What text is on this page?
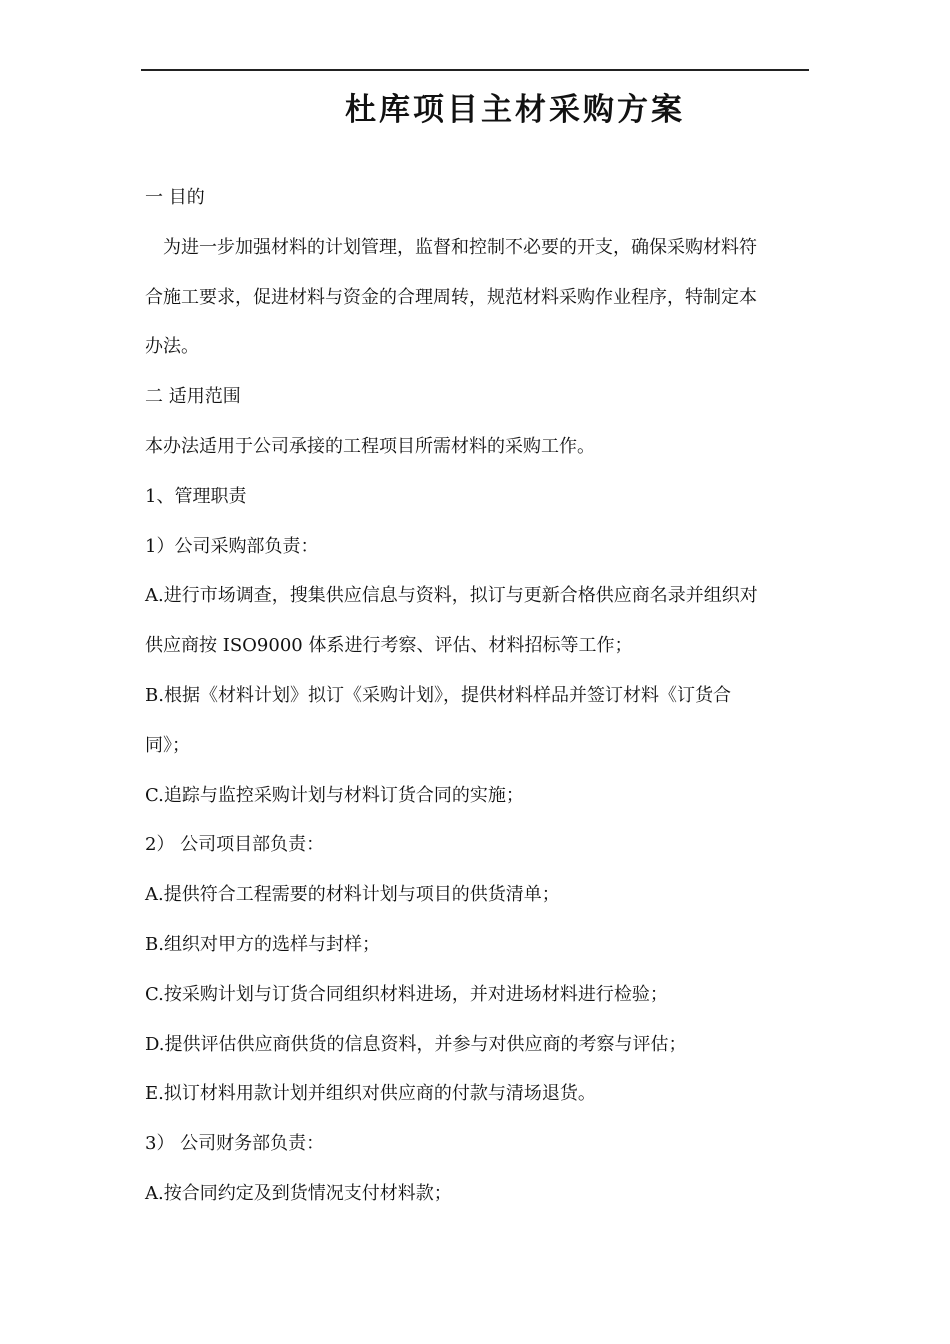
杜库项目主材采购方案
一 目的
为进一步加强材料的计划管理，监督和控制不必要的开支，确保采购材料符
合施工要求，促进材料与资金的合理周转，规范材料采购作业程序，特制定本
办法。
二 适用范围
本办法适用于公司承接的工程项目所需材料的采购工作。
1、管理职责
1）公司采购部负责：
A.进行市场调查，搜集供应信息与资料，拟订与更新合格供应商名录并组织对
供应商按 ISO9000 体系进行考察、评估、材料招标等工作；
B.根据《材料计划》拟订《采购计划》，提供材料样品并签订材料《订货合
同》；
C.追踪与监控采购计划与材料订货合同的实施；
2） 公司项目部负责：
A.提供符合工程需要的材料计划与项目的供货清单；
B.组织对甲方的选样与封样；
C.按采购计划与订货合同组织材料进场，并对进场材料进行检验；
D.提供评估供应商供货的信息资料，并参与对供应商的考察与评估；
E.拟订材料用款计划并组织对供应商的付款与清场退货。
3） 公司财务部负责：
A.按合同约定及到货情况支付材料款；
